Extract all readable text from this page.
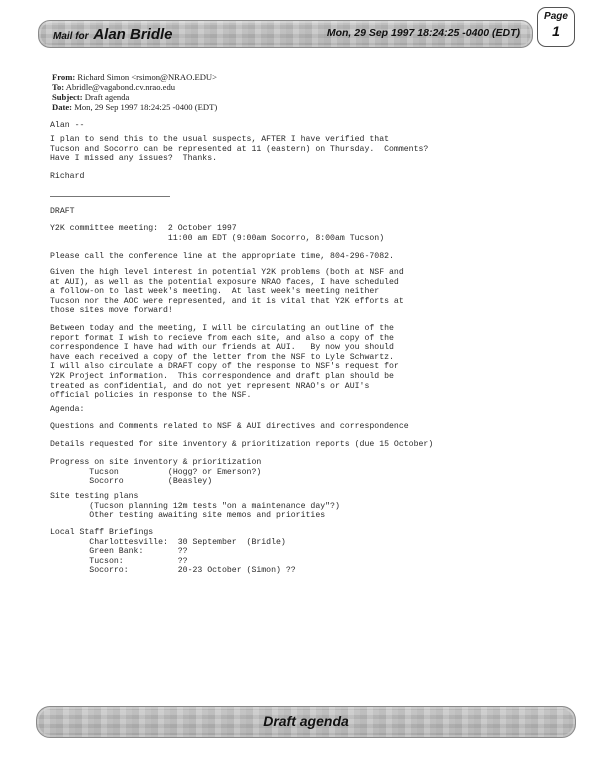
Mail for Alan Bridle	Mon, 29 Sep 1997 18:24:25 -0400 (EDT)
Page
1
From: Richard Simon <rsimon@NRAO.EDU>
To: Abridle@vagabond.cv.nrao.edu
Subject: Draft agenda
Date: Mon, 29 Sep 1997 18:24:25 -0400 (EDT)
Alan --
I plan to send this to the usual suspects, AFTER I have verified that
Tucson and Socorro can be represented at 11 (eastern) on Thursday.  Comments?
Have I missed any issues?  Thanks.
Richard
DRAFT
Y2K committee meeting:  2 October 1997
11:00 am EDT (9:00am Socorro, 8:00am Tucson)
Please call the conference line at the appropriate time, 804-296-7082.
Given the high level interest in potential Y2K problems (both at NSF and
at AUI), as well as the potential exposure NRAO faces, I have scheduled
a follow-on to last week's meeting.  At last week's meeting neither
Tucson nor the AOC were represented, and it is vital that Y2K efforts at
those sites move forward!
Between today and the meeting, I will be circulating an outline of the
report format I wish to recieve from each site, and also a copy of the
correspondence I have had with our friends at AUI.   By now you should
have each received a copy of the letter from the NSF to Lyle Schwartz.
I will also circulate a DRAFT copy of the response to NSF's request for
Y2K Project information.  This correspondence and draft plan should be
treated as confidential, and do not yet represent NRAO's or AUI's
official policies in response to the NSF.
Agenda:
Questions and Comments related to NSF & AUI directives and correspondence
Details requested for site inventory & prioritization reports (due 15 October)
Progress on site inventory & prioritization
Tucson          (Hogg? or Emerson?)
Socorro         (Beasley)
Site testing plans
(Tucson planning 12m tests "on a maintenance day"?)
Other testing awaiting site memos and priorities
Local Staff Briefings
Charlottesville:  30 September  (Bridle)
Green Bank:       ??
Tucson:           ??
Socorro:          20-23 October (Simon) ??
Draft agenda
